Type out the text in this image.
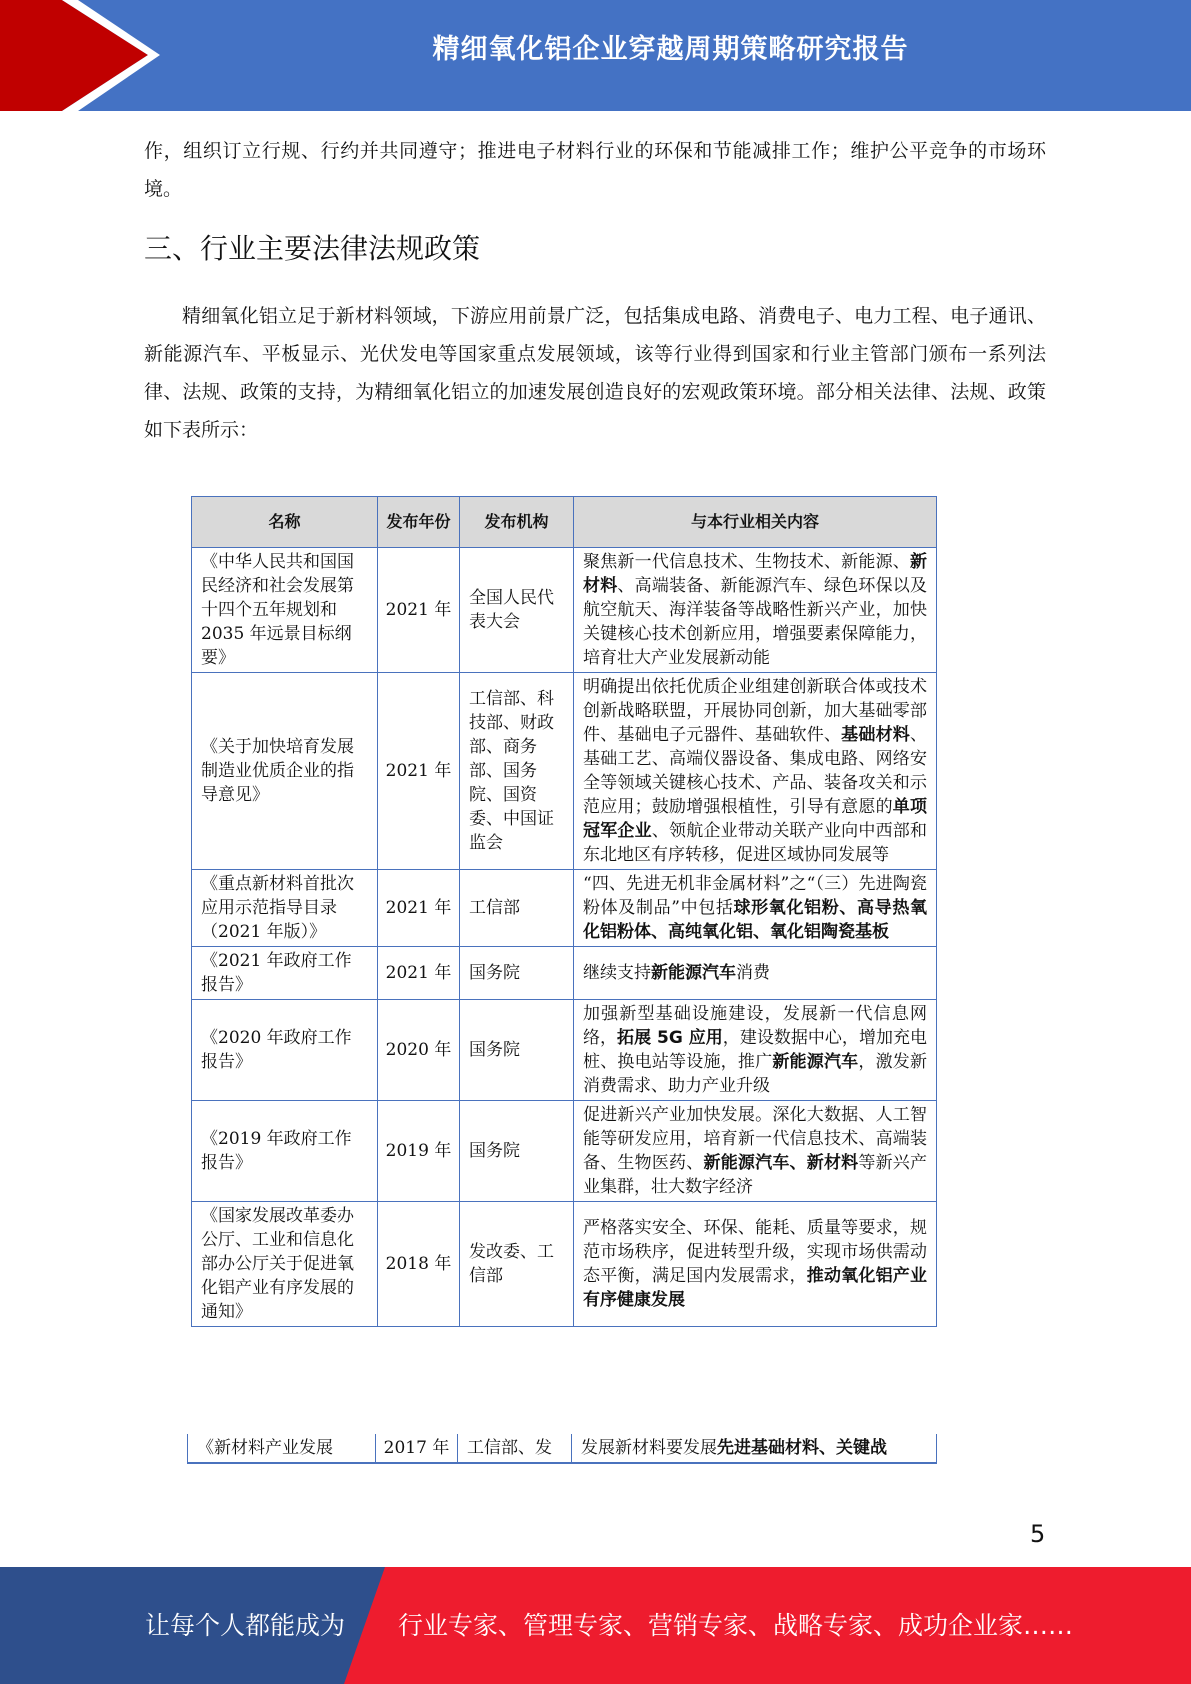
精细氧化铝企业穿越周期策略研究报告

作，组织订立行规、行约并共同遵守；推进电子材料行业的环保和节能减排工作；维护公平竞争的市场环境。

三、行业主要法律法规政策

精细氧化铝立足于新材料领域，下游应用前景广泛，包括集成电路、消费电子、电力工程、电子通讯、新能源汽车、平板显示、光伏发电等国家重点发展领域，该等行业得到国家和行业主管部门颁布一系列法律、法规、政策的支持，为精细氧化铝立的加速发展创造良好的宏观政策环境。部分相关法律、法规、政策如下表所示：

名称	发布年份	发布机构	与本行业相关内容
《中华人民共和国国民经济和社会发展第十四个五年规划和 2035 年远景目标纲要》	2021 年	全国人民代表大会	聚焦新一代信息技术、生物技术、新能源、新材料、高端装备、新能源汽车、绿色环保以及航空航天、海洋装备等战略性新兴产业，加快关键核心技术创新应用，增强要素保障能力，培育壮大产业发展新动能
《关于加快培育发展制造业优质企业的指导意见》	2021 年	工信部、科技部、财政部、商务部、国务院、国资委、中国证监会	明确提出依托优质企业组建创新联合体或技术创新战略联盟，开展协同创新，加大基础零部件、基础电子元器件、基础软件、基础材料、基础工艺、高端仪器设备、集成电路、网络安全等领域关键核心技术、产品、装备攻关和示范应用；鼓励增强根植性，引导有意愿的单项冠军企业、领航企业带动关联产业向中西部和东北地区有序转移，促进区域协同发展等
《重点新材料首批次应用示范指导目录（2021 年版）》	2021 年	工信部	“四、先进无机非金属材料”之“（三）先进陶瓷粉体及制品”中包括球形氧化铝粉、高导热氧化铝粉体、高纯氧化铝、氧化铝陶瓷基板
《2021 年政府工作报告》	2021 年	国务院	继续支持新能源汽车消费
《2020 年政府工作报告》	2020 年	国务院	加强新型基础设施建设，发展新一代信息网络，拓展 5G 应用，建设数据中心，增加充电桩、换电站等设施，推广新能源汽车，激发新消费需求、助力产业升级
《2019 年政府工作报告》	2019 年	国务院	促进新兴产业加快发展。深化大数据、人工智能等研发应用，培育新一代信息技术、高端装备、生物医药、新能源汽车、新材料等新兴产业集群，壮大数字经济
《国家发展改革委办公厅、工业和信息化部办公厅关于促进氧化铝产业有序发展的通知》	2018 年	发改委、工信部	严格落实安全、环保、能耗、质量等要求，规范市场秩序，促进转型升级，实现市场供需动态平衡，满足国内发展需求，推动氧化铝产业有序健康发展
《新材料产业发展	2017 年	工信部、发	发展新材料要发展先进基础材料、关键战
5
让每个人都能成为 行业专家、管理专家、营销专家、战略专家、成功企业家……
